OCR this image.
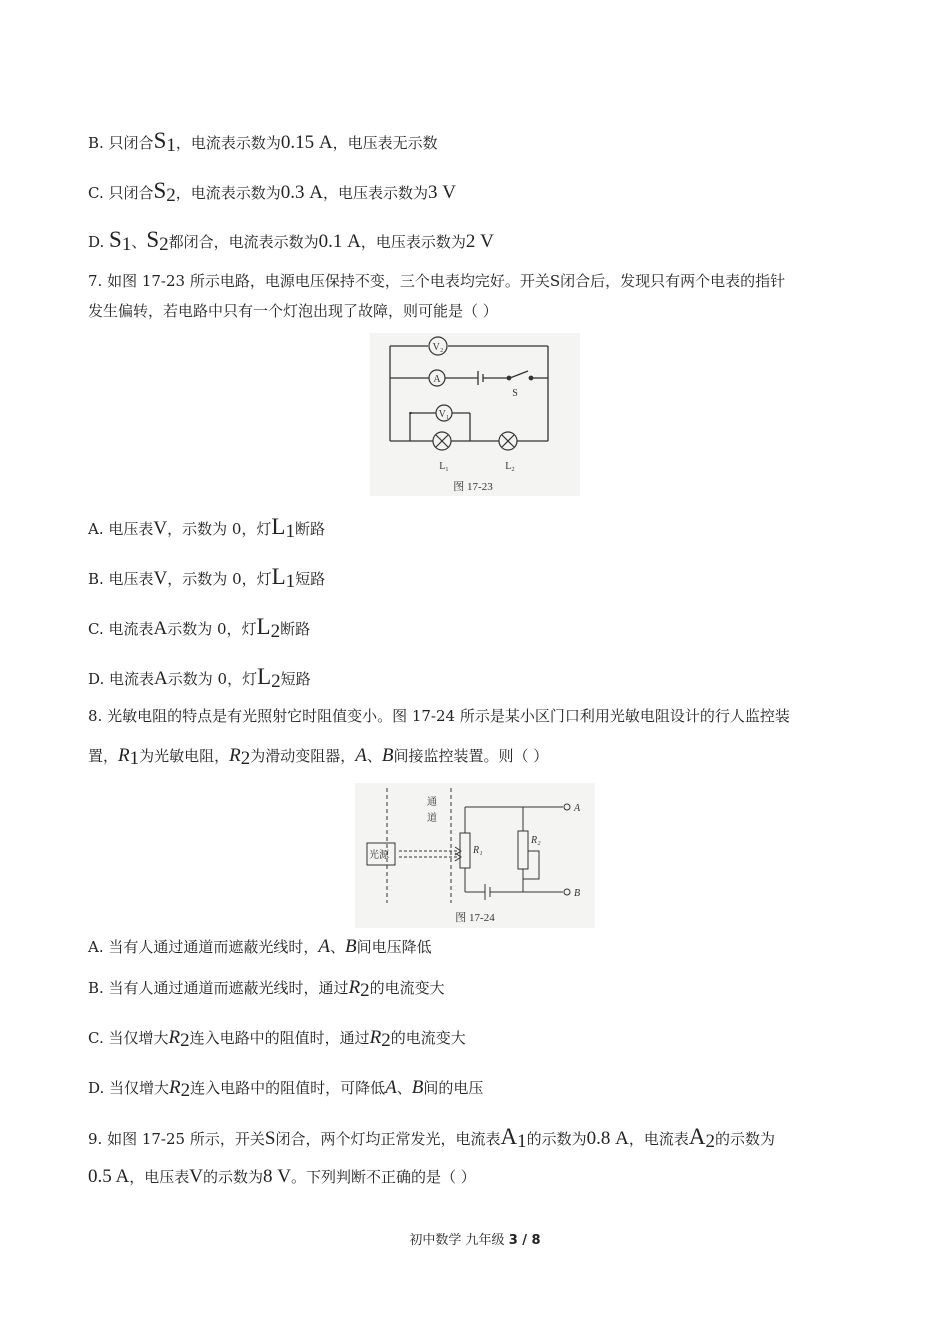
B. 只闭合$S_1$，电流表示数为0.15 A，电压表无示数
C. 只闭合$S_2$，电流表示数为0.3 A，电压表示数为3 V
D. $S_1$、$S_2$都闭合，电流表示数为0.1 A，电压表示数为2 V
7. 如图 17-23 所示电路，电源电压保持不变，三个电表均完好。开关S闭合后，发现只有两个电表的指针
发生偏转，若电路中只有一个灯泡出现了故障，则可能是（ ）
V₂
A
V₁
S
L₁	L₂
图 17-23
A. 电压表V，示数为 0，灯$L_1$断路
B. 电压表V，示数为 0，灯$L_1$短路
C. 电流表A示数为 0，灯$L_2$断路
D. 电流表A示数为 0，灯$L_2$短路
8. 光敏电阻的特点是有光照射它时阻值变小。图 17-24 所示是某小区门口利用光敏电阻设计的行人监控装
置，$R_1$为光敏电阻，$R_2$为滑动变阻器，A、B间接监控装置。则（ ）
光源
通
道
R₁
R₂
A
B
图 17-24
A. 当有人通过通道而遮蔽光线时，A、B间电压降低
B. 当有人通过通道而遮蔽光线时，通过$R_2$的电流变大
C. 当仅增大$R_2$连入电路中的阻值时，通过$R_2$的电流变大
D. 当仅增大$R_2$连入电路中的阻值时，可降低A、B间的电压
9. 如图 17-25 所示，开关S闭合，两个灯均正常发光，电流表$A_1$的示数为0.8 A，电流表$A_2$的示数为
0.5 A，电压表V的示数为8 V。下列判断不正确的是（ ）
初中数学 九年级 3 / 8
